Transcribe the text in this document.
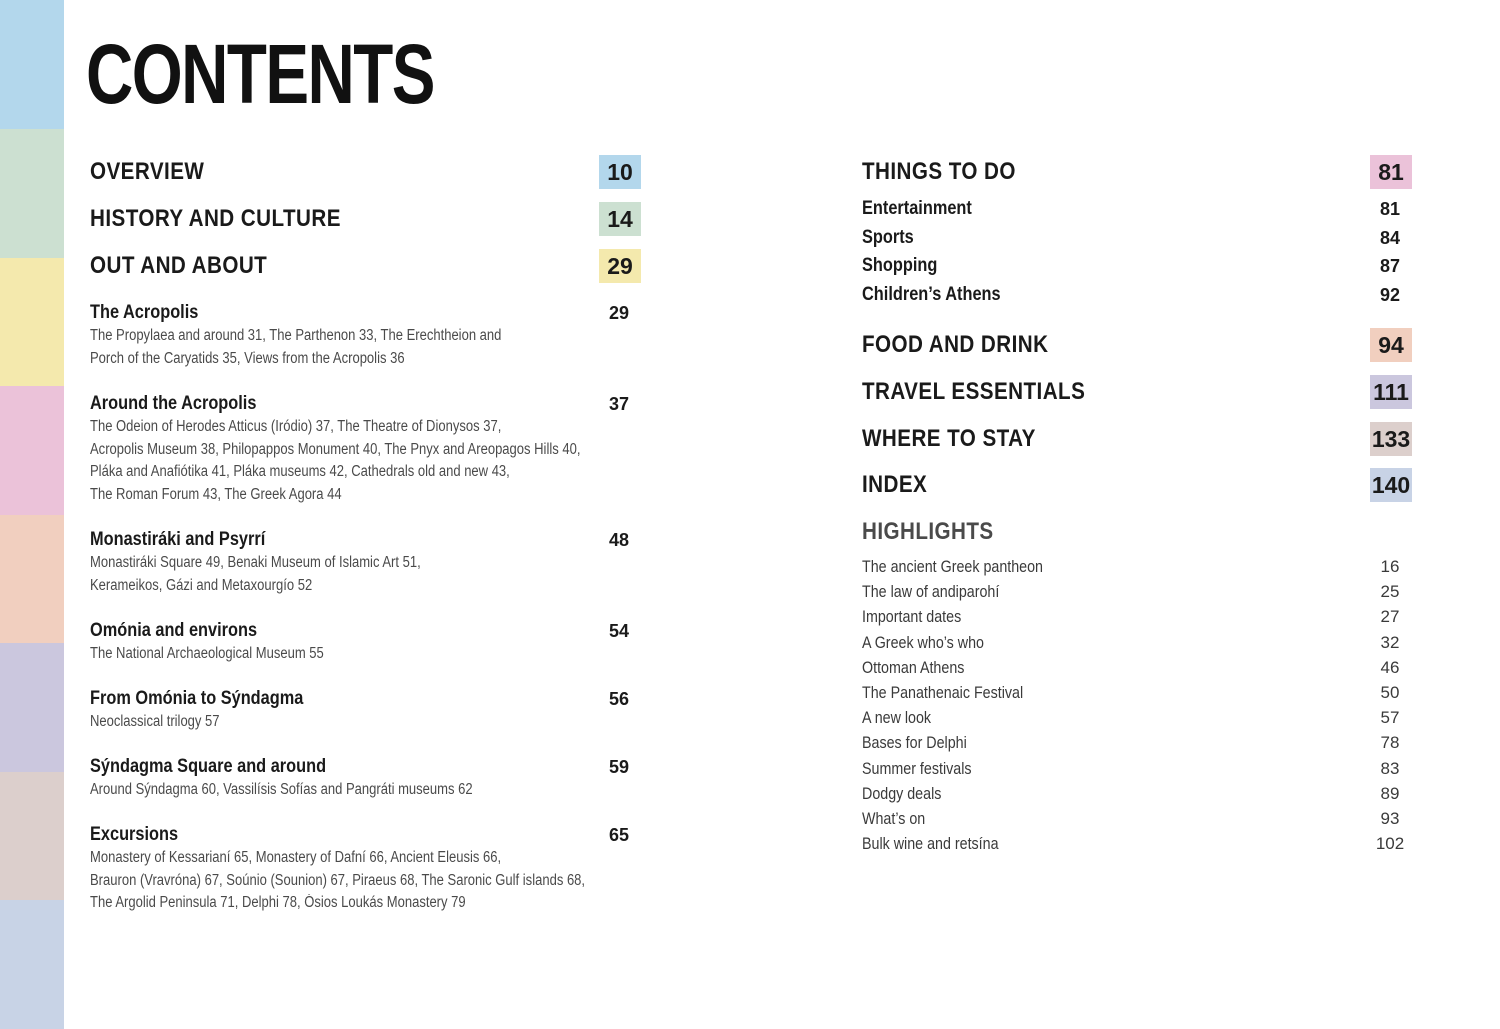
CONTENTS
OVERVIEW	10
HISTORY AND CULTURE	14
OUT AND ABOUT	29
The Acropolis	29
The Propylaea and around 31, The Parthenon 33, The Erechtheion and
Porch of the Caryatids 35, Views from the Acropolis 36
Around the Acropolis	37
The Odeion of Herodes Atticus (Iródio) 37, The Theatre of Dionysos 37,
Acropolis Museum 38, Philopappos Monument 40, The Pnyx and Areopagos Hills 40,
Pláka and Anafiótika 41, Pláka museums 42, Cathedrals old and new 43,
The Roman Forum 43, The Greek Agora 44
Monastiráki and Psyrrí	48
Monastiráki Square 49, Benaki Museum of Islamic Art 51,
Kerameikos, Gázi and Metaxourgío 52
Omónia and environs	54
The National Archaeological Museum 55
From Omónia to Sýndagma	56
Neoclassical trilogy 57
Sýndagma Square and around	59
Around Sýndagma 60, Vassilísis Sofías and Pangráti museums 62
Excursions	65
Monastery of Kessarianí 65, Monastery of Dafní 66, Ancient Eleusis 66,
Brauron (Vravróna) 67, Soúnio (Sounion) 67, Piraeus 68, The Saronic Gulf islands 68,
The Argolid Peninsula 71, Delphi 78, Ósios Loukás Monastery 79
THINGS TO DO	81
Entertainment	81
Sports	84
Shopping	87
Children’s Athens	92
FOOD AND DRINK	94
TRAVEL ESSENTIALS	111
WHERE TO STAY	133
INDEX	140
HIGHLIGHTS
The ancient Greek pantheon	16
The law of andiparohí	25
Important dates	27
A Greek who’s who	32
Ottoman Athens	46
The Panathenaic Festival	50
A new look	57
Bases for Delphi	78
Summer festivals	83
Dodgy deals	89
What’s on	93
Bulk wine and retsína	102
